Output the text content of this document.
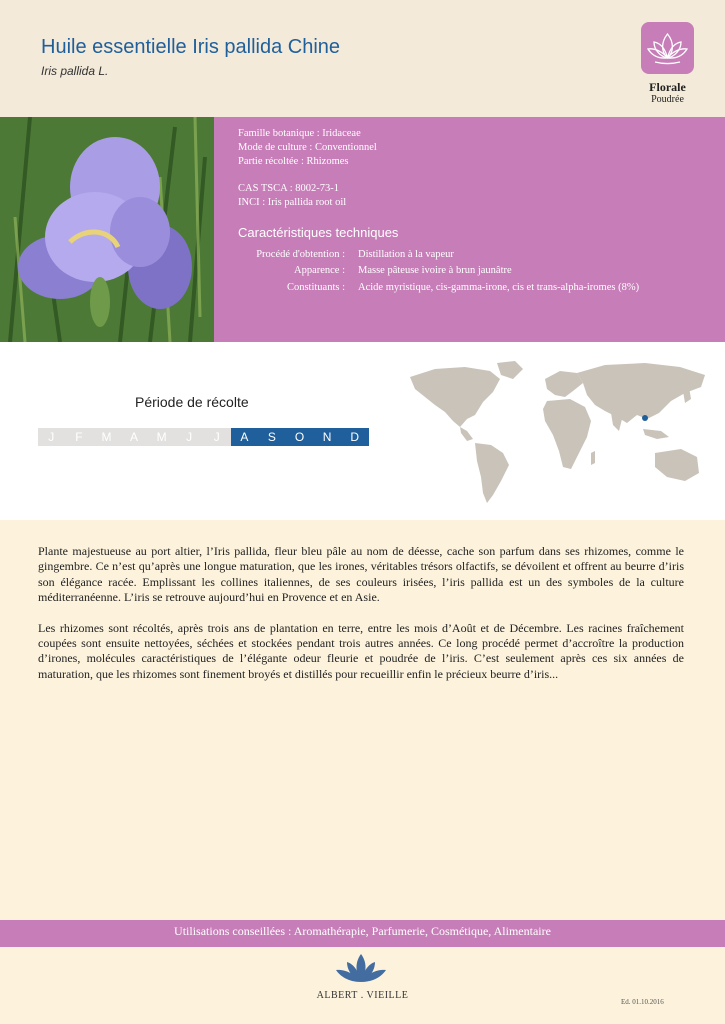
Huile essentielle Iris pallida Chine
Iris pallida L.
Florale
Poudrée
Famille botanique : Iridaceae
Mode de culture : Conventionnel
Partie récoltée : Rhizomes
CAS TSCA : 8002-73-1
INCI : Iris pallida root oil
Caractéristiques techniques
Procédé d'obtention : Distillation à la vapeur
Apparence : Masse pâteuse ivoire à brun jaunâtre
Constituants : Acide myristique, cis-gamma-irone, cis et trans-alpha-iromes (8%)
Période de récolte
J	F	M	A	M	J	J	A	S	O	N	D

Plante majestueuse au port altier, l’Iris pallida, fleur bleu pâle au nom de déesse, cache son parfum dans ses rhizomes, comme le gingembre. Ce n’est qu’après une longue maturation, que les irones, véritables trésors olfactifs, se dévoilent et offrent au beurre d’iris son élégance racée. Emplissant les collines italiennes, de ses couleurs irisées, l’iris pallida est un des symboles de la culture méditerranéenne. L’iris se retrouve aujourd’hui en Provence et en Asie.

Les rhizomes sont récoltés, après trois ans de plantation en terre, entre les mois d’Août et de Décembre. Les racines fraîchement coupées sont ensuite nettoyées, séchées et stockées pendant trois autres années. Ce long procédé permet d’accroître la production d’irones, molécules caractéristiques de l’élégante odeur fleurie et poudrée de l’iris. C’est seulement après ces six années de maturation, que les rhizomes sont finement broyés et distillés pour recueillir enfin le précieux beurre d’iris...

Utilisations conseillées : Aromathérapie, Parfumerie, Cosmétique, Alimentaire
ALBERT . VIEILLE
Ed. 01.10.2016
